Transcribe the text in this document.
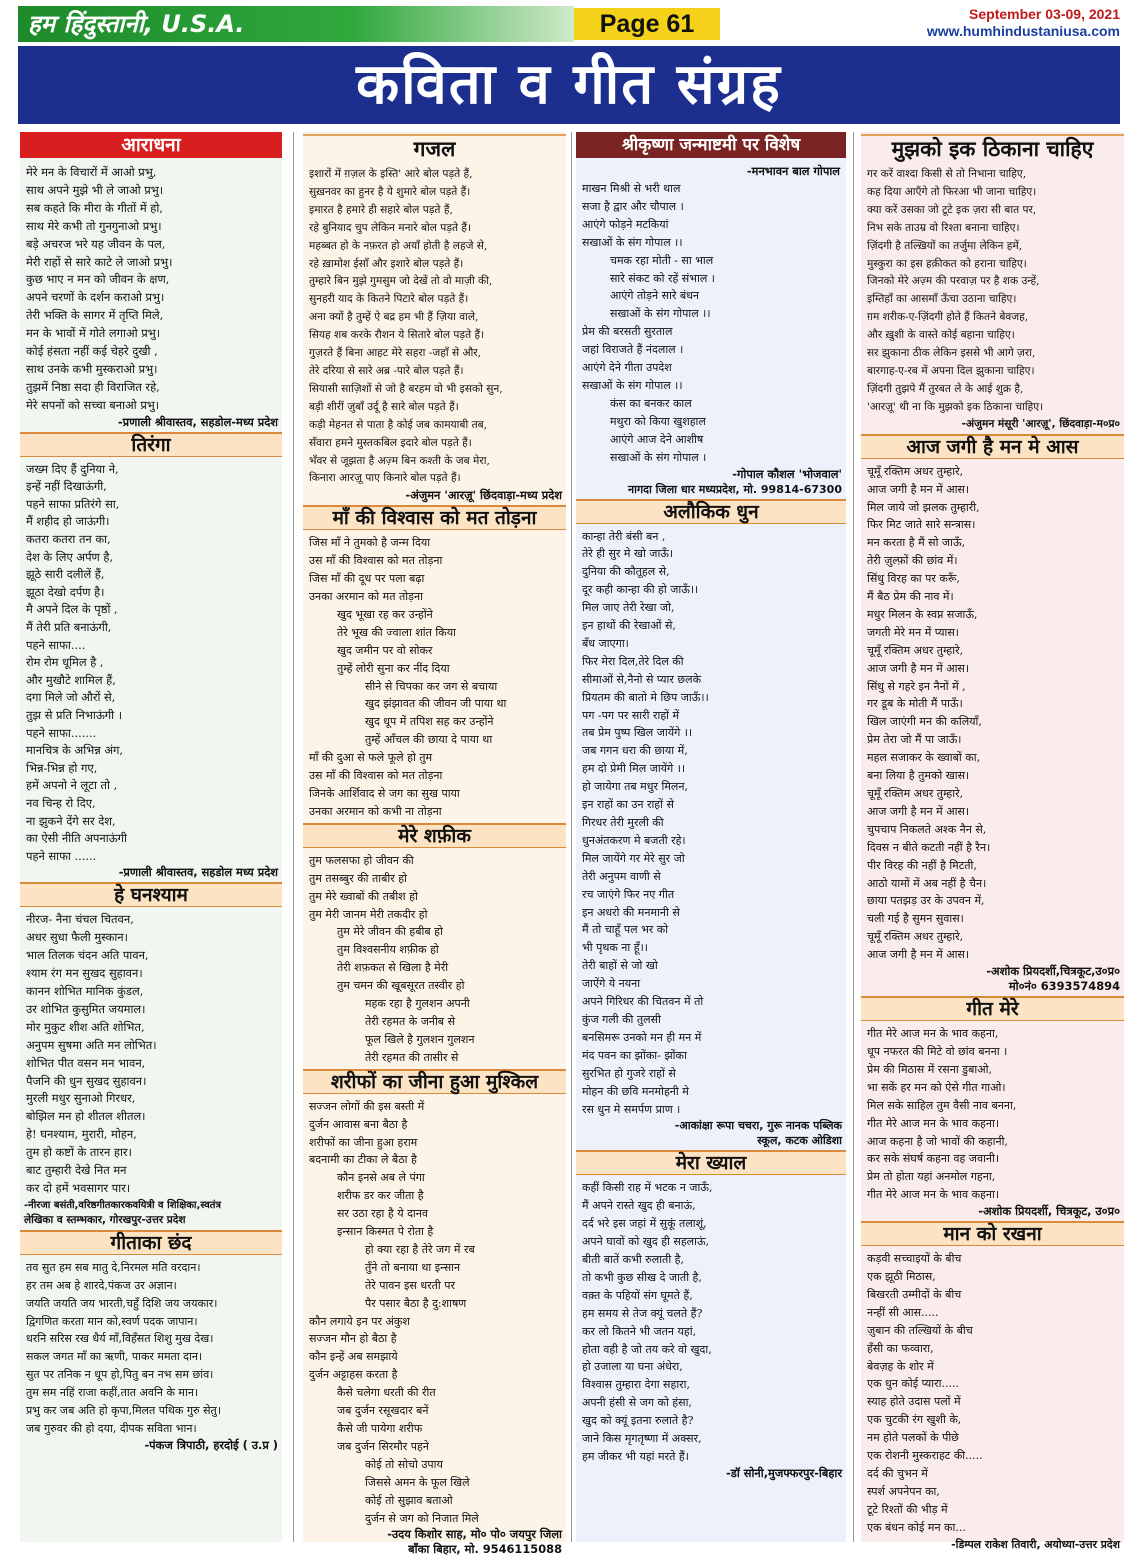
हम हिंदुस्तानी, U.S.A.	Page 61	September 03-09, 2021
www.humhindustaniusa.com
कविता व गीत संग्रह
आराधना
मेरे मन के विचारों में आओ प्रभु,
साथ अपने मुझे भी ले जाओ प्रभु।
सब कहते कि मीरा के गीतों में हो,
साथ मेरे कभी तो गुनगुनाओ प्रभु।
बड़े अचरज भरे यह जीवन के पल,
मेरी राहों से सारे काटे ले जाओ प्रभु।
कुछ भाए न मन को जीवन के क्षण,
अपने चरणों के दर्शन कराओ प्रभु।
तेरी भक्ति के सागर में तृप्ति मिले,
मन के भावों में गोते लगाओ प्रभु।
कोई हंसता नहीं कई चेहरे दुखी ,
साथ उनके कभी मुस्कराओ प्रभु।
तुझमें निष्ठा सदा ही विराजित रहे,
मेरे सपनों को सच्चा बनाओ प्रभु।
-प्रणाली श्रीवास्तव, सहडोल-मध्य प्रदेश
तिरंगा
जख्म दिए हैं दुनिया ने,
इन्हें नहीं दिखाऊंगी,
पहने साफा प्रतिरंगे सा,
मैं शहीद हो जाऊंगी।
कतरा कतरा तन का,
देश के लिए अर्पण है,
झूठे सारी दलीलें हैं,
झूठा देखो दर्पण है।
मै अपने दिल के पृष्ठों ,
मैं तेरी प्रति बनाऊंगी,
पहने साफा....
रोम रोम धूमिल है ,
और मुखौटे शामिल हैं,
दगा मिले जो औरों से,
तुझ से प्रति निभाऊंगी ।
पहने साफा.......
मानचित्र के अभिन्न अंग,
भिन्न-भिन्न हो गए,
हमें अपनो ने लूटा तो ,
नव चिन्ह रो दिए,
ना झुकने देंगे सर देश,
का ऐसी नीति अपनाऊंगी
पहने साफा ......
-प्रणाली श्रीवास्तव, सहडोल मध्य प्रदेश
हे घनश्याम
नीरज- नैना चंचल चितवन,
अधर सुधा फैली मुस्कान।
भाल तिलक चंदन अति पावन,
श्याम रंग मन सुखद सुहावन।
कानन शोभित मानिक कुंडल,
उर शोभित कुसुमित जयमाल।
मोर मुकुट शीश अति शोभित,
अनुपम सुषमा अति मन लोभित।
शोभित पीत वसन मन भावन,
पैजनि की धुन सुखद सुहावन।
मुरली मधुर सुनाओ गिरधर,
बोझिल मन हो शीतल शीतल।
हे! घनश्याम, मुरारी, मोहन,
तुम हो कष्टों के तारन हार।
बाट तुम्हारी देखे नित मन
कर दो हमें भवसागर पार।
-नीरजा बसंती,वरिष्ठगीतकारकवयित्री व शिक्षिका,स्वतंत्र
लेखिका व स्तम्भकार, गोरखपुर-उत्तर प्रदेश
गीताका छंद
तव सुत हम सब मातु दे,निरमल मति वरदान।
हर तम अब हे शारदे,पंकज उर अज्ञान।
जयति जयति जय भारती,चहुँ दिशि जय जयकार।
द्विगणित करता मान को,स्वर्ण पदक जापान।
धरनि सरिस रख धैर्य माँ,विहँसत शिशु मुख देख।
सकल जगत माँ का ऋणी, पाकर ममता दान।
सुत पर तनिक न धूप हो,पितु बन नभ सम छांव।
तुम सम नहिं राजा कहीं,तात अवनि के मान।
प्रभु कर जब अति हो कृपा,मिलत पथिक गुरु सेतु।
जब गुरुवर की हो दया, दीपक सविता भान।
-पंकज त्रिपाठी, हरदोई ( उ.प्र )
गजल
इशारों में ग़ज़ल के इस्ति' आरे बोल पड़ते हैं,
सुख़नवर का हुनर है ये शुमारे बोल पड़ते हैं।
इमारत है हमारे ही सहारे बोल पड़ते हैं,
रहे बुनियाद चुप लेकिन मनारे बोल पड़ते हैं।
महब्बत हो के नफ़रत हो अयाँ होती है लहजे से,
रहे ख़ामोश ईसाँ और इशारे बोल पड़ते हैं।
तुम्हारे बिन मुझे गुमसुम जो देखें तो वो माज़ी की,
सुनहरी याद के कितने पिटारे बोल पड़ते हैं।
अना क्यों है तुम्हें ऐ बद्र हम भी हैं ज़िया वाले,
सियह शब करके रौशन ये सितारे बोल पड़ते हैं।
गुज़रते हैं बिना आहट मेरे सहरा -जहाँ से और,
तेरे दरिया से सारे अब्र -पारे बोल पड़ते हैं।
सियासी साज़िशों से जो है बरहम वो भी इसको सुन,
बड़ी शीरीं ज़ुबाँ उर्दू है सारे बोल पड़ते हैं।
कड़ी मेहनत से पाता है कोई जब कामयाबी तब,
सँवारा हमने मुस्तकबिल इदारे बोल पड़ते हैं।
भँवर से जूझता है अज़्म बिन कश्ती के जब मेरा,
किनारा आरज़ू पाए किनारे बोल पड़ते हैं।
-अंजुमन 'आरज़ू' छिंदवाड़ा-मध्य प्रदेश
माँ की विश्वास को मत तोड़ना
जिस माँ ने तुमको है जन्म दिया
उस माँ की विश्वास को मत तोड़ना
जिस माँ की दूध पर पला बढ़ा
उनका अरमान को मत तोड़ना
खुद भूखा रह कर उन्होंने
तेरे भूख की ज्वाला शांत किया
खुद जमीन पर वो सोकर
तुम्हें लोरी सुना कर नींद दिया
सीने से चिपका कर जग से बचाया
खुद झंझावत की जीवन जी पाया था
खुद धूप में तपिश सह कर उन्होंने
तुम्हें आँचल की छाया दे पाया था
माँ की दुआ से फले फूले हो तुम
उस माँ की विश्वास को मत तोड़ना
जिनके आर्शिवाद से जग का सुख पाया
उनका अरमान को कभी ना तोड़ना
मेरे शफ़ीक
तुम फलसफा हो जीवन की
तुम तसब्बुर की ताबीर हो
तुम मेरे ख्वाबों की तबीश हो
तुम मेरी जानम मेरी तकदीर हो
तुम मेरे जीवन की हबीब हो
तुम विश्वसनीय शफ़ीक हो
तेरी शफ़कत से खिला है मेरी
तुम चमन की खूबसूरत तस्वीर हो
महक रहा है गुलशन अपनी
तेरी रहमत के जनीब से
फूल खिले है गुलशन गुलशन
तेरी रहमत की तासीर से
शरीफों का जीना हुआ मुश्किल
सज्जन लोगों की इस बस्ती में
दुर्जन आवास बना बैठा है
शरीफों का जीना हुआ हराम
बदनामी का टीका ले बैठा है
कौन इनसे अब ले पंगा
शरीफ डर कर जीता है
सर उठा रहा है ये दानव
इन्सान किस्मत पे रोता है
हो क्या रहा है तेरे जग में रब
तुँने तो बनाया था इन्सान
तेरे पावन इस धरती पर
पैर पसार बैठा है दु:शाषण
कौन लगाये इन पर अंकुश
सज्जन मौन हो बैठा है
कौन इन्हें अब समझाये
दुर्जन अट्टाहस करता है
कैसे चलेगा धरती की रीत
जब दुर्जन रसूखदार बनें
कैसे जी पायेगा शरीफ
जब दुर्जन सिरमौर पहने
कोई तो सोचो उपाय
जिससे अमन के फूल खिले
कोई तो सुझाव बताओ
दुर्जन से जग को निजात मिले
-उदय किशोर साह, मो० पो० जयपुर जिला
बाँका बिहार, मो. 9546115088
श्रीकृष्णा जन्माष्टमी पर विशेष
-मनभावन बाल गोपाल
माखन मिश्री से भरी थाल
सजा है द्वार और चौपाल ।
आएंगे फोड़ने मटकियां
सखाओं के संग गोपाल ।।
चमक रहा मोती - सा भाल
सारे संकट को रहें संभाल ।
आएंगे तोड़ने सारे बंधन
सखाओं के संग गोपाल ।।
प्रेम की बरसती सुरताल
जहां विराजते हैं नंदलाल ।
आएंगे देने गीता उपदेश
सखाओं के संग गोपाल ।।
कंस का बनकर काल
मथुरा को किया खुशहाल
आएंगे आज देने आशीष
सखाओं के संग गोपाल ।
-गोपाल कौशल 'भोजवाल'
नागदा जिला धार मध्यप्रदेश, मो. 99814-67300
अलौकिक धुन
कान्हा तेरी बंसी बन ,
तेरे ही सुर मे खो जाऊँ।
दुनिया की कौतूहल से,
दूर कही कान्हा की हो जाऊँ।।
मिल जाए तेरी रेखा जो,
इन हाथों की रेखाओं से,
बँध जाएगा।
फिर मेरा दिल,तेरे दिल की
सीमाओं से,नैनो से प्यार छलके
प्रियतम की बातो मे छिप जाऊँ।।
पग -पग पर सारी राहों में
तब प्रेम पुष्प खिल जायेंगे ।।
जब गगन धरा की छाया में,
हम दो प्रेमी मिल जायेंगे ।।
हो जायेगा तब मधुर मिलन,
इन राहों का उन राहों से
गिरधर तेरी मुरली की
धुनअंतकरण मे बजती रहे।
मिल जायेंगे गर मेरे सुर जो
तेरी अनुपम वाणी से
रच जाएंगे फिर नए गीत
इन अधरो की मनमानी से
मैं तो चाहूँ पल भर को
भी पृथक ना हूँ।।
तेरी बाहों से जो खो
जाऐंगे ये नयना
अपने गिरिधर की चितवन में तो
कुंज गली की तुलसी
बनसिमरू उनको मन ही मन में
मंद पवन का झोंका- झोंका
सुरभित हो गुजरे राहों से
मोहन की छवि मनमोहनी मे
रस धुन मे समर्पण प्राण ।
-आकांक्षा रूपा चचरा, गुरू नानक पब्लिक
स्कूल, कटक ओडिशा
मेरा ख्याल
कहीं किसी राह में भटक न जाऊँ,
मैं अपने रास्ते खुद ही बनाऊं,
दर्द भरे इस जहां में सुकूं तलाशूं,
अपने घावों को खुद ही सहलाऊं,
बीती बातें कभी रुलाती है,
तो कभी कुछ सीख दे जाती है,
वक़्त के पहियों संग घूमते हैं,
हम समय से तेज क्यूं चलते हैं?
कर लो कितने भी जतन यहां,
होता वही है जो तय करे वो खुदा,
हो उजाला या घना अंधेरा,
विश्वास तुम्हारा देगा सहारा,
अपनी हंसी से जग को हंसा,
खुद को क्यूं इतना रुलाते है?
जाने किस मृगतृष्णा में अक्सर,
हम जीकर भी यहां मरते हैं।
-डॉ सोनी,मुजफ्फरपुर-बिहार
मुझको इक ठिकाना चाहिए
गर करें वाश्दा किसी से तो निभाना चाहिए,
कह दिया आएँगे तो फिरआ भी जाना चाहिए।
क्या करें उसका जो टूटे इक ज़रा सी बात पर,
निभ सके ताउम्र वो रिश्ता बनाना चाहिए।
ज़िंदगी है तल्ख़ियों का तर्जुमा लेकिन हमें,
मुस्कुरा का इस हक़ीकत को हराना चाहिए।
जिनको मेरे अज़्म की परवाज़ पर है शक उन्हें,
इम्तिहाँ का आसमाँ ऊँचा उठाना चाहिए।
ग़म शरीक-ए-ज़िंदगी होते हैं कितने बेवजह,
और ख़ुशी के वास्ते कोई बहाना चाहिए।
सर झुकाना ठीक लेकिन इससे भी आगे ज़रा,
बारगाह-ए-रब में अपना दिल झुकाना चाहिए।
ज़िंदगी तुझपे मैं तुरबत ले के आई शुक्र है,
'आरज़ू' थी ना कि मुझको इक ठिकाना चाहिए।
-अंजुमन मंसूरी 'आरज़ू', छिंदवाड़ा-म०प्र०
आज जगी है मन मे आस
चूमूँ रक्तिम अधर तुम्हारे,
आज जगी है मन में आस।
मिल जाये जो झलक तुम्हारी,
फिर मिट जाते सारे सन्त्रास।
मन करता है मैं सो जाऊँ,
तेरी ज़ुल्फ़ों की छांव में।
सिंधु विरह का पर करूँ,
मैं बैठ प्रेम की नाव में।
मधुर मिलन के स्वप्न सजाऊँ,
जगती मेरे मन में प्यास।
चूमूँ रक्तिम अधर तुम्हारे,
आज जगी है मन में आस।
सिंधु से गहरे इन नैनों में ,
गर डूब के मोती मैं पाऊँ।
खिल जाएंगी मन की कलियाँ,
प्रेम तेरा जो मैं पा जाऊँ।
महल सजाकर के ख्वाबों का,
बना लिया है तुमको खास।
चूमूँ रक्तिम अधर तुम्हारे,
आज जगी है मन में आस।
चुपचाप निकलते अश्क नैन से,
दिवस न बीते कटती नहीं है रैन।
पीर विरह की नहीं है मिटती,
आठो यामों में अब नहीं है चैन।
छाया पतझड़ उर के उपवन में,
चली गई है सुमन सुवास।
चूमूँ रक्तिम अधर तुम्हारे,
आज जगी है मन में आस।
-अशोक प्रियदर्शी,चित्रकूट,उ०प्र०
मो०नं० 6393574894
गीत मेरे
गीत मेरे आज मन के भाव कहना,
धूप नफरत की मिटे वो छांव बनना ।
प्रेम की मिठास में रसना डुबाओ,
भा सकें हर मन को ऐसे गीत गाओ।
मिल सके साहिल तुम वैसी नाव बनना,
गीत मेरे आज मन के भाव कहना।
आज कहना है जो भावों की कहानी,
कर सके संघर्ष कहना वह जवानी।
प्रेम तो होता यहां अनमोल गहना,
गीत मेरे आज मन के भाव कहना।
-अशोक प्रियदर्शी, चित्रकूट, उ०प्र०
मान को रखना
कड़वी सच्चाइयों के बीच
एक झूठी मिठास,
बिखरती उम्मीदों के बीच
नन्हीं सी आस.....
ज़ुबान की तल्खियों के बीच
हँसी का फव्वारा,
बेवज़ह के शोर में
एक धुन कोई प्यारा.....
स्याह होते उदास पलों में
एक चुटकी रंग खुशी के,
नम होते पलकों के पीछे
एक रोशनी मुस्कराहट की.....
दर्द की चुभन में
स्पर्श अपनेपन का,
टूटे रिश्तों की भीड़ में
एक बंधन कोई मन का...
-डिम्पल राकेश तिवारी, अयोध्या-उत्तर प्रदेश
